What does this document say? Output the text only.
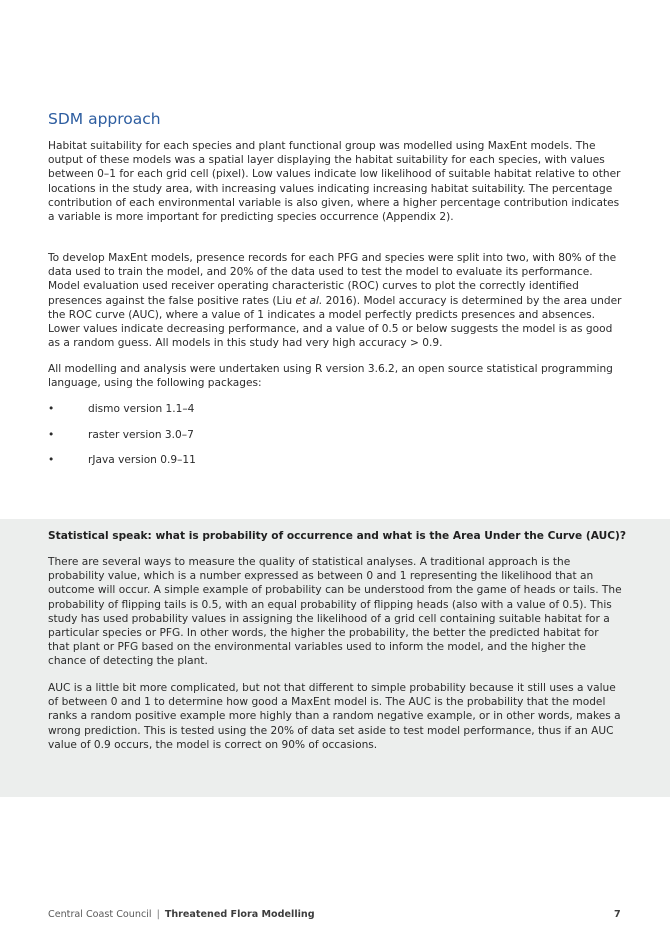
SDM approach

Habitat suitability for each species and plant functional group was modelled using MaxEnt models. The output of these models was a spatial layer displaying the habitat suitability for each species, with values between 0–1 for each grid cell (pixel). Low values indicate low likelihood of suitable habitat relative to other locations in the study area, with increasing values indicating increasing habitat suitability. The percentage contribution of each environmental variable is also given, where a higher percentage contribution indicates a variable is more important for predicting species occurrence (Appendix 2).

To develop MaxEnt models, presence records for each PFG and species were split into two, with 80% of the data used to train the model, and 20% of the data used to test the model to evaluate its performance. Model evaluation used receiver operating characteristic (ROC) curves to plot the correctly identified presences against the false positive rates (Liu et al. 2016). Model accuracy is determined by the area under the ROC curve (AUC), where a value of 1 indicates a model perfectly predicts presences and absences. Lower values indicate decreasing performance, and a value of 0.5 or below suggests the model is as good as a random guess. All models in this study had very high accuracy > 0.9.

All modelling and analysis were undertaken using R version 3.6.2, an open source statistical programming language, using the following packages:

•	dismo version 1.1–4
•	raster version 3.0–7
•	rJava version 0.9–11
Statistical speak: what is probability of occurrence and what is the Area Under the Curve (AUC)?

There are several ways to measure the quality of statistical analyses. A traditional approach is the probability value, which is a number expressed as between 0 and 1 representing the likelihood that an outcome will occur. A simple example of probability can be understood from the game of heads or tails. The probability of flipping tails is 0.5, with an equal probability of flipping heads (also with a value of 0.5). This study has used probability values in assigning the likelihood of a grid cell containing suitable habitat for a particular species or PFG. In other words, the higher the probability, the better the predicted habitat for that plant or PFG based on the environmental variables used to inform the model, and the higher the chance of detecting the plant.

AUC is a little bit more complicated, but not that different to simple probability because it still uses a value of between 0 and 1 to determine how good a MaxEnt model is. The AUC is the probability that the model ranks a random positive example more highly than a random negative example, or in other words, makes a wrong prediction. This is tested using the 20% of data set aside to test model performance, thus if an AUC value of 0.9 occurs, the model is correct on 90% of occasions.

Central Coast Council | Threatened Flora Modelling	7
